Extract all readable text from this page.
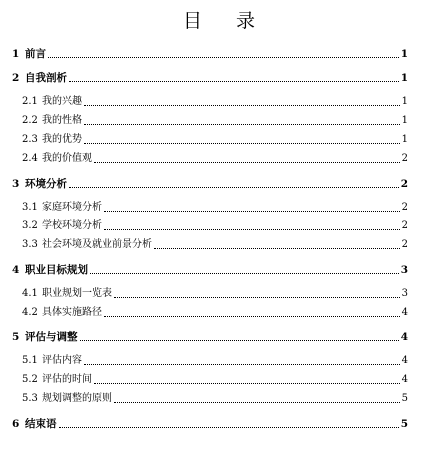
目 录
1 前言	1
2 自我剖析	1
2.1 我的兴趣	1
2.2 我的性格	1
2.3 我的优势	1
2.4 我的价值观	2
3 环境分析	2
3.1 家庭环境分析	2
3.2 学校环境分析	2
3.3 社会环境及就业前景分析	2
4 职业目标规划	3
4.1 职业规划一览表	3
4.2 具体实施路径	4
5 评估与调整	4
5.1 评估内容	4
5.2 评估的时间	4
5.3 规划调整的原则	5
6 结束语	5
